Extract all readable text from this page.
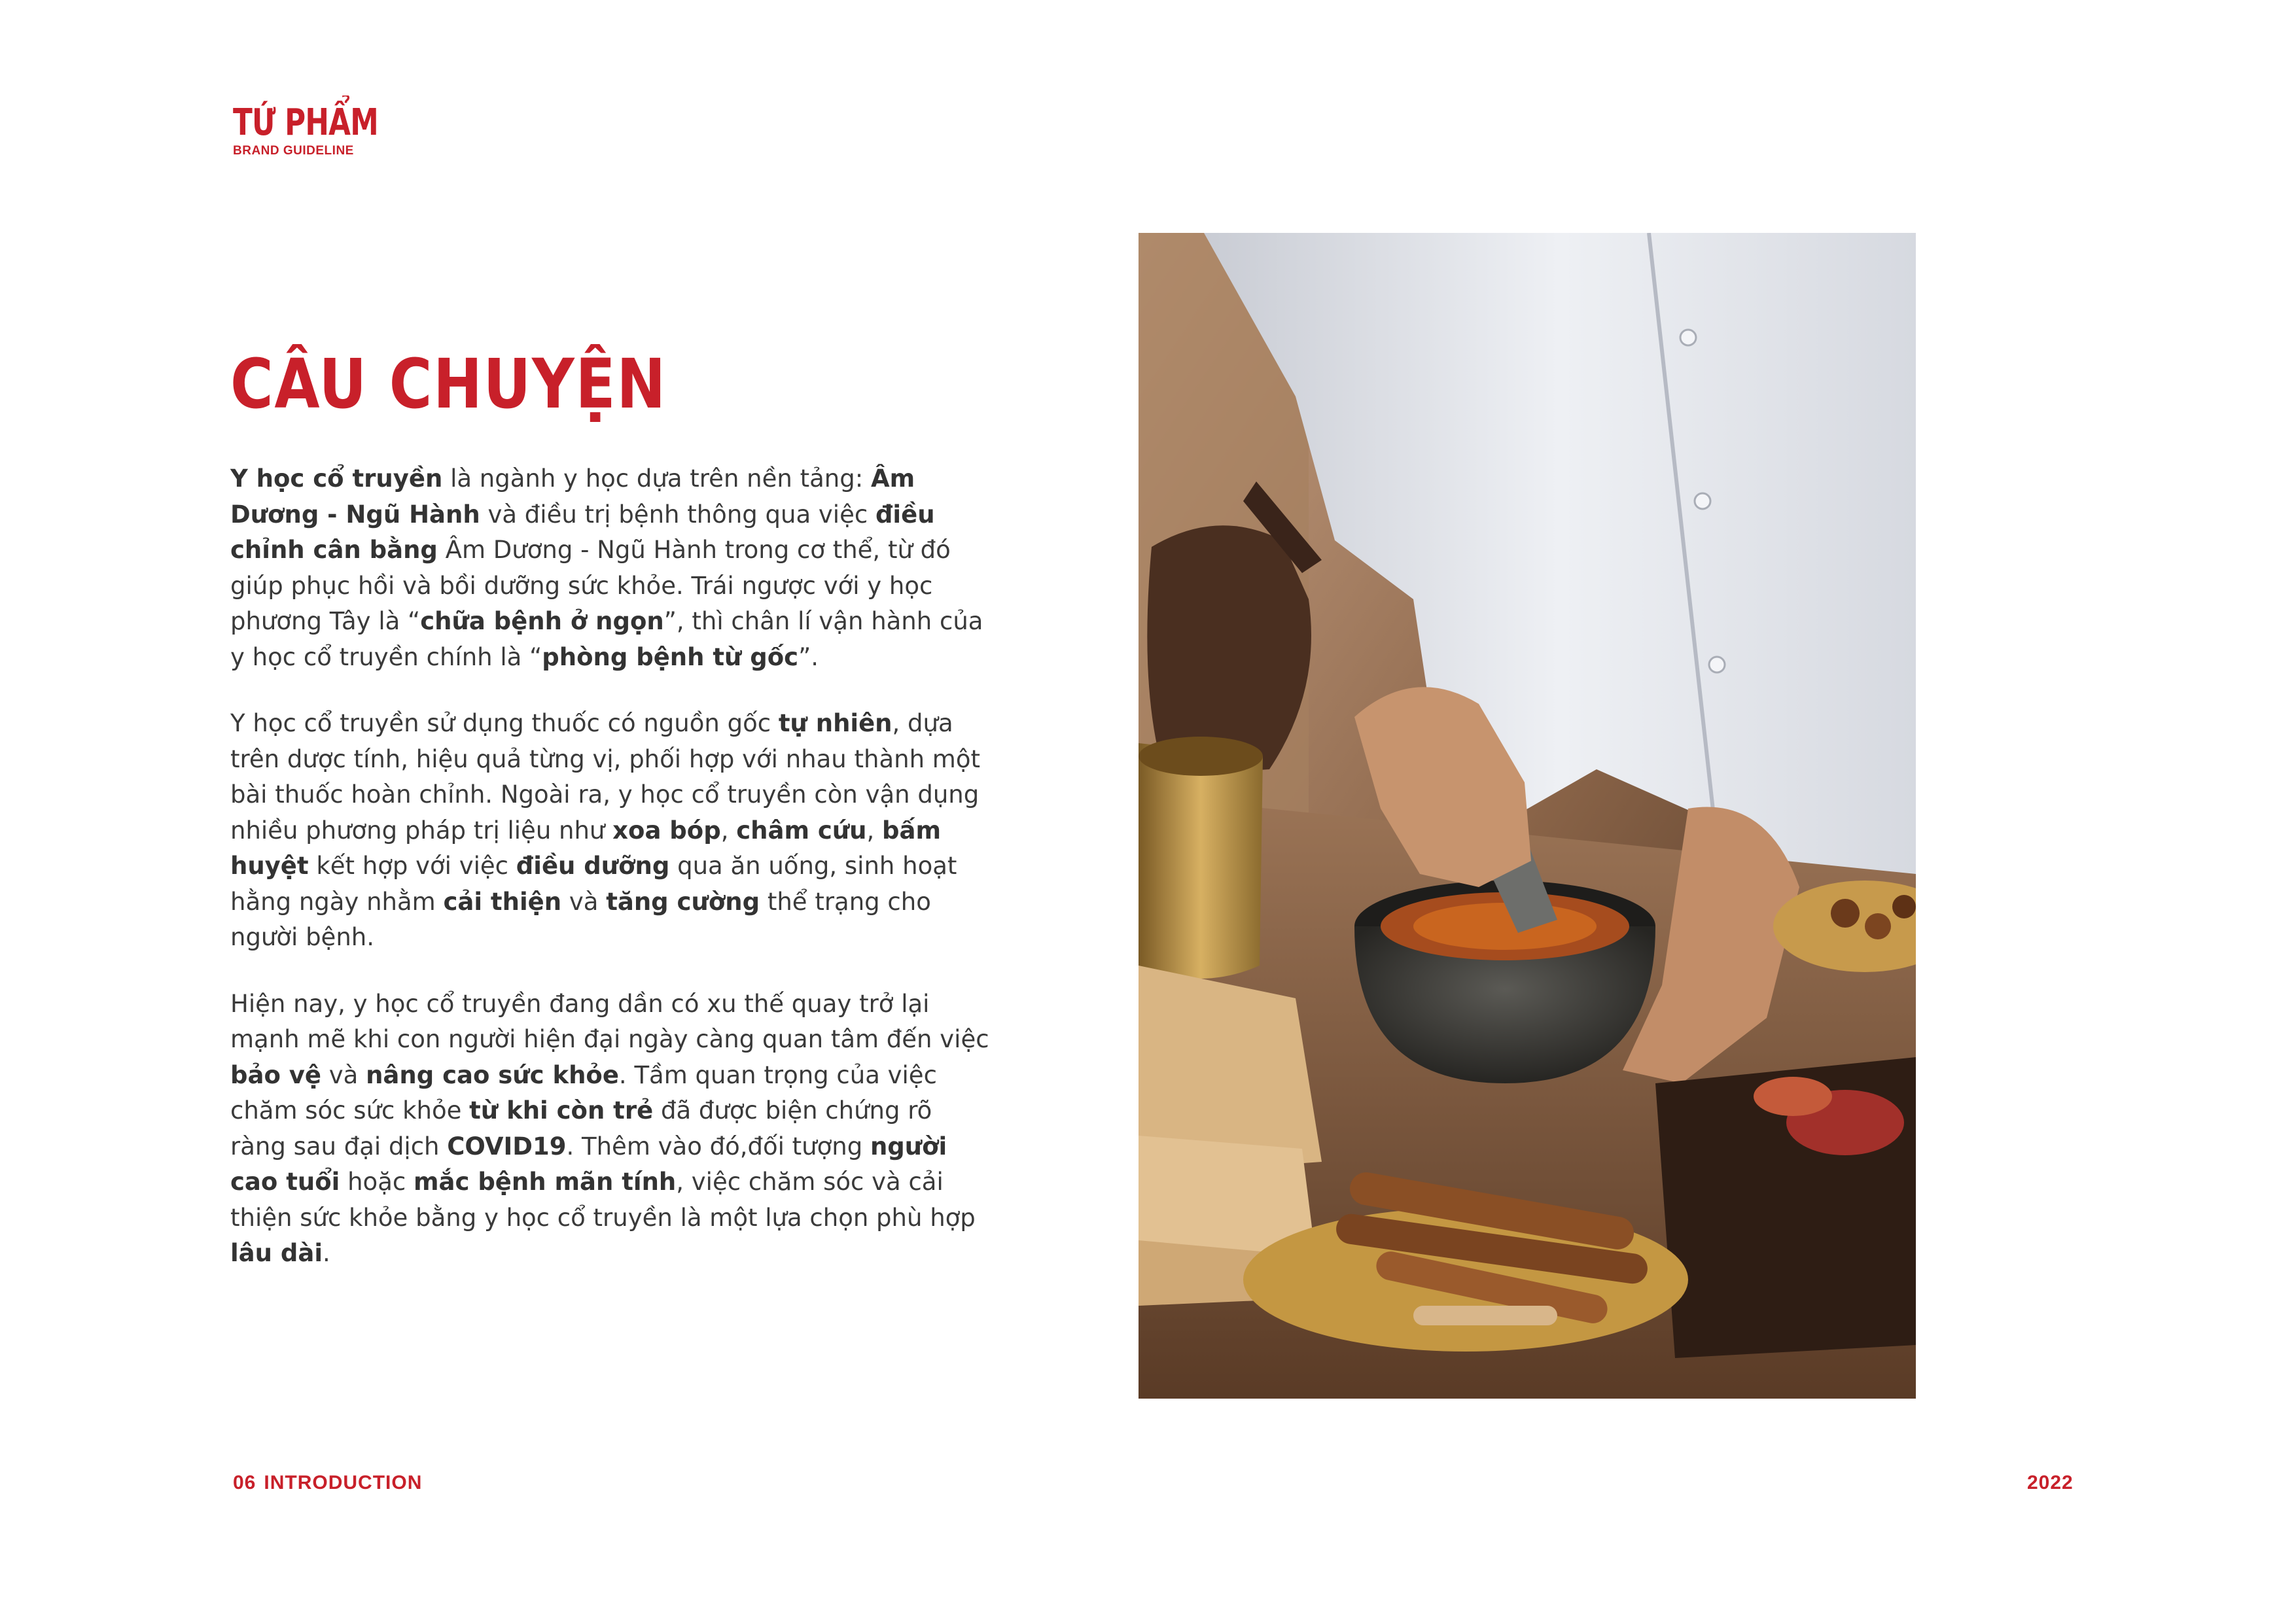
TỨ PHẨM
BRAND GUIDELINE
CÂU CHUYỆN

Y học cổ truyền là ngành y học dựa trên nền tảng: Âm Dương - Ngũ Hành và điều trị bệnh thông qua việc điều chỉnh cân bằng Âm Dương - Ngũ Hành trong cơ thể, từ đó giúp phục hồi và bồi dưỡng sức khỏe. Trái ngược với y học phương Tây là “chữa bệnh ở ngọn”, thì chân lí vận hành của y học cổ truyền chính là “phòng bệnh từ gốc”.

Y học cổ truyền sử dụng thuốc có nguồn gốc tự nhiên, dựa trên dược tính, hiệu quả từng vị, phối hợp với nhau thành một bài thuốc hoàn chỉnh. Ngoài ra, y học cổ truyền còn vận dụng nhiều phương pháp trị liệu như xoa bóp, châm cứu, bấm huyệt kết hợp với việc điều dưỡng qua ăn uống, sinh hoạt hằng ngày nhằm cải thiện và tăng cường thể trạng cho người bệnh.

Hiện nay, y học cổ truyền đang dần có xu thế quay trở lại mạnh mẽ khi con người hiện đại ngày càng quan tâm đến việc bảo vệ và nâng cao sức khỏe. Tầm quan trọng của việc chăm sóc sức khỏe từ khi còn trẻ đã được biện chứng rõ ràng sau đại dịch COVID19. Thêm vào đó,đối tượng người cao tuổi hoặc mắc bệnh mãn tính, việc chăm sóc và cải thiện sức khỏe bằng y học cổ truyền là một lựa chọn phù hợp lâu dài.

06 INTRODUCTION	2022
